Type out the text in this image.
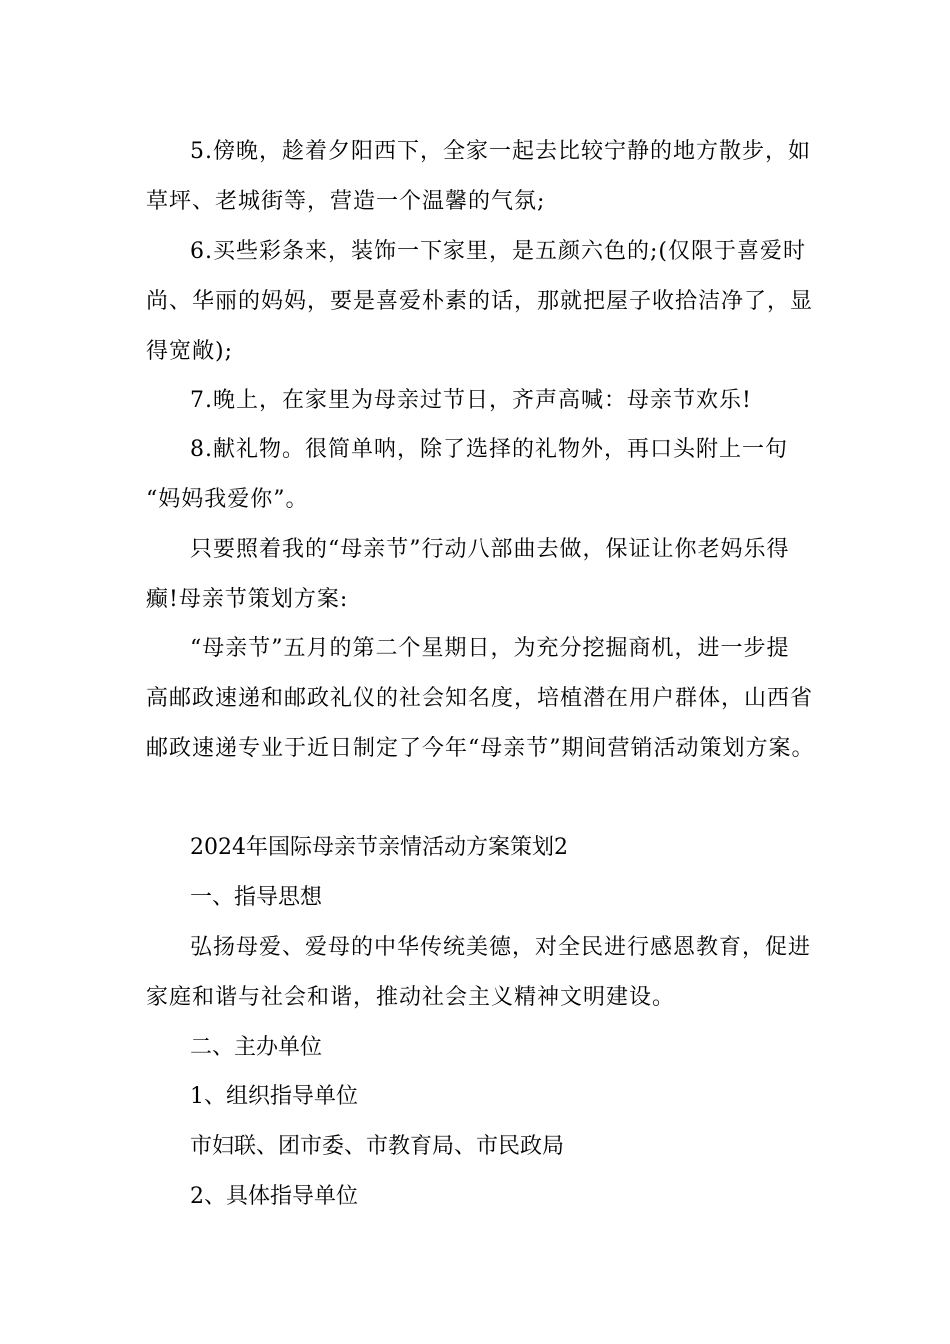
5.傍晚，趁着夕阳西下，全家一起去比较宁静的地方散步，如
草坪、老城街等，营造一个温馨的气氛;
6.买些彩条来，装饰一下家里，是五颜六色的;(仅限于喜爱时
尚、华丽的妈妈，要是喜爱朴素的话，那就把屋子收拾洁净了，显
得宽敞);
7.晚上，在家里为母亲过节日，齐声高喊：母亲节欢乐!
8.献礼物。很简单呐，除了选择的礼物外，再口头附上一句
“妈妈我爱你”。
只要照着我的“母亲节”行动八部曲去做，保证让你老妈乐得
癫!母亲节策划方案:
“母亲节”五月的第二个星期日，为充分挖掘商机，进一步提
高邮政速递和邮政礼仪的社会知名度，培植潜在用户群体，山西省
邮政速递专业于近日制定了今年“母亲节”期间营销活动策划方案。
2024年国际母亲节亲情活动方案策划2
一、指导思想
弘扬母爱、爱母的中华传统美德，对全民进行感恩教育，促进
家庭和谐与社会和谐，推动社会主义精神文明建设。
二、主办单位
1、组织指导单位
市妇联、团市委、市教育局、市民政局
2、具体指导单位
